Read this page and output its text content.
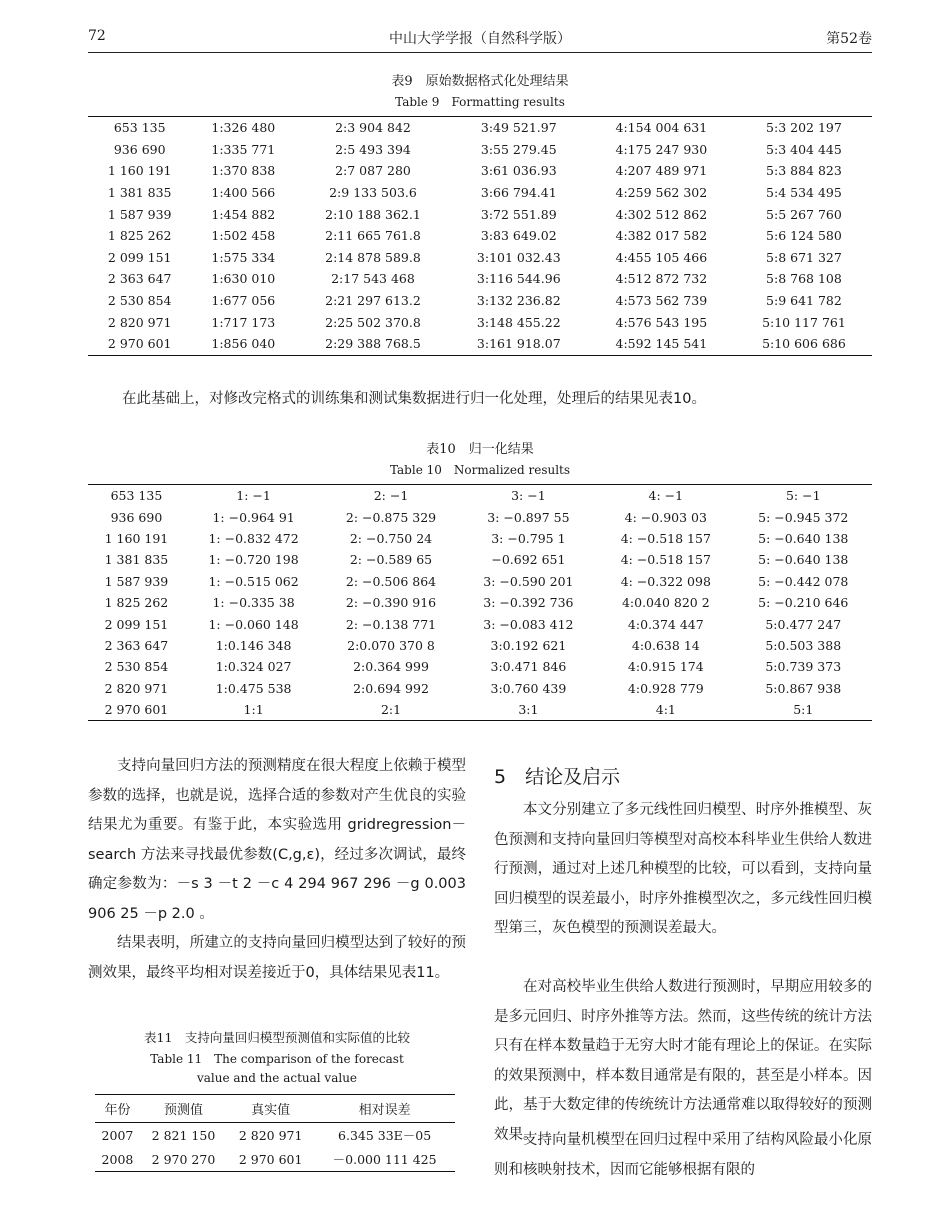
72	中山大学学报（自然科学版）	第52卷
表9　原始数据格式化处理结果
Table 9　Formatting results
653 135	1:326 480	2:3 904 842	3:49 521.97	4:154 004 631	5:3 202 197
936 690	1:335 771	2:5 493 394	3:55 279.45	4:175 247 930	5:3 404 445
1 160 191	1:370 838	2:7 087 280	3:61 036.93	4:207 489 971	5:3 884 823
1 381 835	1:400 566	2:9 133 503.6	3:66 794.41	4:259 562 302	5:4 534 495
1 587 939	1:454 882	2:10 188 362.1	3:72 551.89	4:302 512 862	5:5 267 760
1 825 262	1:502 458	2:11 665 761.8	3:83 649.02	4:382 017 582	5:6 124 580
2 099 151	1:575 334	2:14 878 589.8	3:101 032.43	4:455 105 466	5:8 671 327
2 363 647	1:630 010	2:17 543 468	3:116 544.96	4:512 872 732	5:8 768 108
2 530 854	1:677 056	2:21 297 613.2	3:132 236.82	4:573 562 739	5:9 641 782
2 820 971	1:717 173	2:25 502 370.8	3:148 455.22	4:576 543 195	5:10 117 761
2 970 601	1:856 040	2:29 388 768.5	3:161 918.07	4:592 145 541	5:10 606 686
在此基础上，对修改完格式的训练集和测试集数据进行归一化处理，处理后的结果见表10。
表10　归一化结果
Table 10　Normalized results
653 135	1: −1	2: −1	3: −1	4: −1	5: −1
936 690	1: −0.964 91	2: −0.875 329	3: −0.897 55	4: −0.903 03	5: −0.945 372
1 160 191	1: −0.832 472	2: −0.750 24	3: −0.795 1	4: −0.518 157	5: −0.640 138
1 381 835	1: −0.720 198	2: −0.589 65	−0.692 651	4: −0.518 157	5: −0.640 138
1 587 939	1: −0.515 062	2: −0.506 864	3: −0.590 201	4: −0.322 098	5: −0.442 078
1 825 262	1: −0.335 38	2: −0.390 916	3: −0.392 736	4:0.040 820 2	5: −0.210 646
2 099 151	1: −0.060 148	2: −0.138 771	3: −0.083 412	4:0.374 447	5:0.477 247
2 363 647	1:0.146 348	2:0.070 370 8	3:0.192 621	4:0.638 14	5:0.503 388
2 530 854	1:0.324 027	2:0.364 999	3:0.471 846	4:0.915 174	5:0.739 373
2 820 971	1:0.475 538	2:0.694 992	3:0.760 439	4:0.928 779	5:0.867 938
2 970 601	1:1	2:1	3:1	4:1	5:1
支持向量回归方法的预测精度在很大程度上依赖于模型参数的选择，也就是说，选择合适的参数对产生优良的实验结果尤为重要。有鉴于此，本实验选用 gridregression－search 方法来寻找最优参数(C,g,ε)，经过多次调试，最终确定参数为：－s 3 －t 2 －c 4 294 967 296 －g 0.003 906 25 －p 2.0 。
结果表明，所建立的支持向量回归模型达到了较好的预测效果，最终平均相对误差接近于0，具体结果见表11。
表11　支持向量回归模型预测值和实际值的比较
Table 11　The comparison of the forecast
value and the actual value
年份	预测值	真实值	相对误差
2007	2 821 150	2 820 971	6.345 33E－05
2008	2 970 270	2 970 601	－0.000 111 425
5　结论及启示
本文分别建立了多元线性回归模型、时序外推模型、灰色预测和支持向量回归等模型对高校本科毕业生供给人数进行预测，通过对上述几种模型的比较，可以看到，支持向量回归模型的误差最小，时序外推模型次之，多元线性回归模型第三，灰色模型的预测误差最大。
在对高校毕业生供给人数进行预测时，早期应用较多的是多元回归、时序外推等方法。然而，这些传统的统计方法只有在样本数量趋于无穷大时才能有理论上的保证。在实际的效果预测中，样本数目通常是有限的，甚至是小样本。因此，基于大数定律的传统统计方法通常难以取得较好的预测效果。
支持向量机模型在回归过程中采用了结构风险最小化原则和核映射技术，因而它能够根据有限的
